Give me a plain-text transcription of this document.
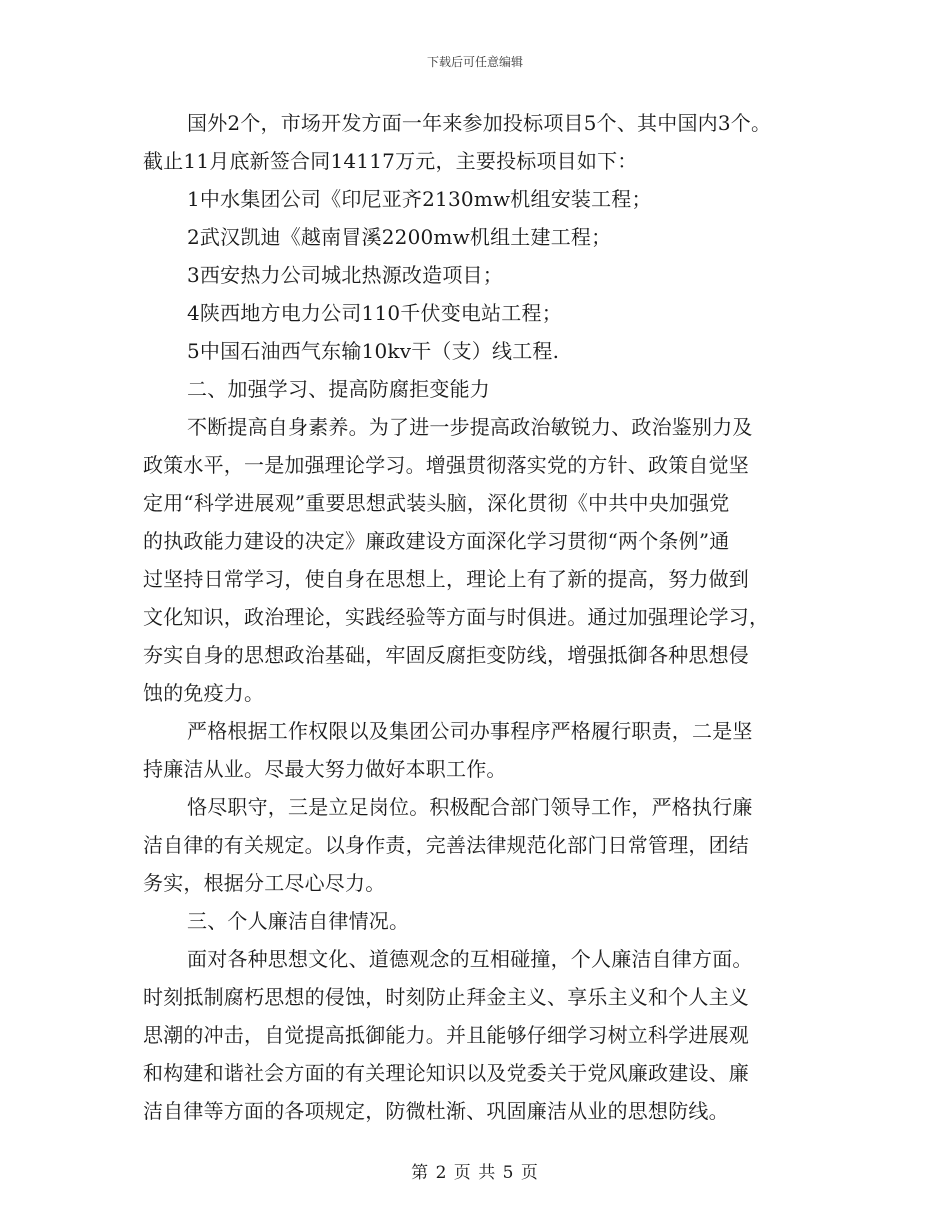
下载后可任意编辑
国外2个，市场开发方面一年来参加投标项目5个、其中国内3个。
截止11月底新签合同14117万元，主要投标项目如下：
1中水集团公司《印尼亚齐2130mw机组安装工程；
2武汉凯迪《越南冒溪2200mw机组土建工程；
3西安热力公司城北热源改造项目；
4陕西地方电力公司110千伏变电站工程；
5中国石油西气东输10kv干（支）线工程.
二、加强学习、提高防腐拒变能力
不断提高自身素养。为了进一步提高政治敏锐力、政治鉴别力及
政策水平，一是加强理论学习。增强贯彻落实党的方针、政策自觉坚
定用“科学进展观”重要思想武装头脑，深化贯彻《中共中央加强党
的执政能力建设的决定》廉政建设方面深化学习贯彻“两个条例”通
过坚持日常学习，使自身在思想上，理论上有了新的提高，努力做到
文化知识，政治理论，实践经验等方面与时俱进。通过加强理论学习，
夯实自身的思想政治基础，牢固反腐拒变防线，增强抵御各种思想侵
蚀的免疫力。
严格根据工作权限以及集团公司办事程序严格履行职责，二是坚
持廉洁从业。尽最大努力做好本职工作。
恪尽职守，三是立足岗位。积极配合部门领导工作，严格执行廉
洁自律的有关规定。以身作责，完善法律规范化部门日常管理，团结
务实，根据分工尽心尽力。
三、个人廉洁自律情况。
面对各种思想文化、道德观念的互相碰撞，个人廉洁自律方面。
时刻抵制腐朽思想的侵蚀，时刻防止拜金主义、享乐主义和个人主义
思潮的冲击，自觉提高抵御能力。并且能够仔细学习树立科学进展观
和构建和谐社会方面的有关理论知识以及党委关于党风廉政建设、廉
洁自律等方面的各项规定，防微杜渐、巩固廉洁从业的思想防线。
第 2 页 共 5 页
